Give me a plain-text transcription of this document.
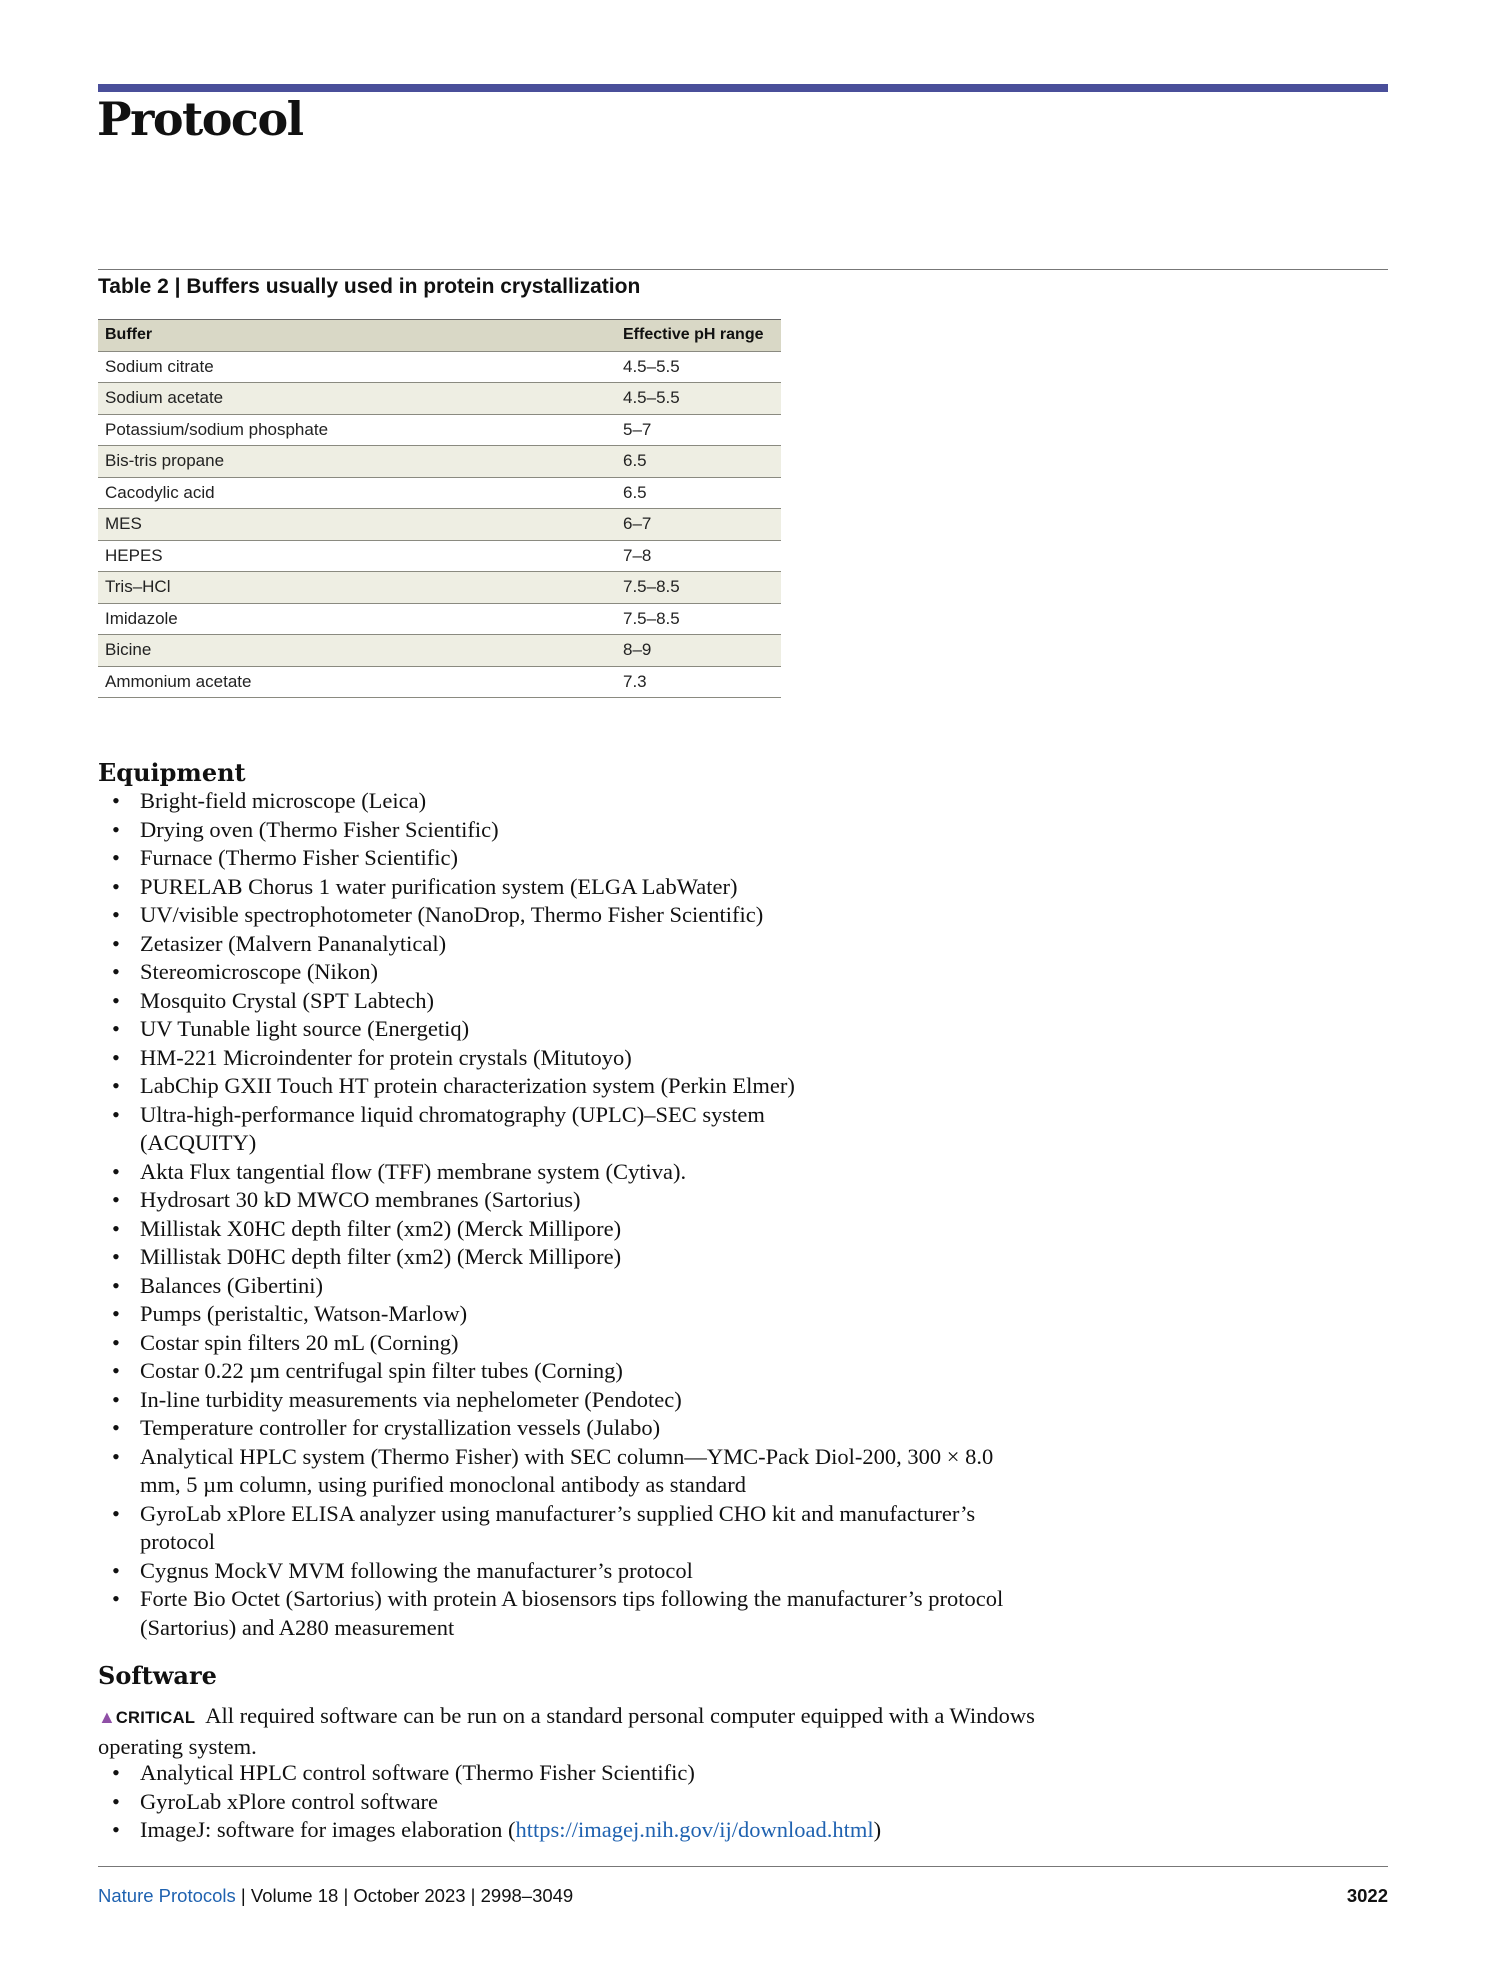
Protocol
Table 2 | Buffers usually used in protein crystallization
Buffer	Effective pH range
Sodium citrate	4.5–5.5
Sodium acetate	4.5–5.5
Potassium/sodium phosphate	5–7
Bis-tris propane	6.5
Cacodylic acid	6.5
MES	6–7
HEPES	7–8
Tris–HCl	7.5–8.5
Imidazole	7.5–8.5
Bicine	8–9
Ammonium acetate	7.3
Equipment
• Bright-field microscope (Leica)
• Drying oven (Thermo Fisher Scientific)
• Furnace (Thermo Fisher Scientific)
• PURELAB Chorus 1 water purification system (ELGA LabWater)
• UV/visible spectrophotometer (NanoDrop, Thermo Fisher Scientific)
• Zetasizer (Malvern Pananalytical)
• Stereomicroscope (Nikon)
• Mosquito Crystal (SPT Labtech)
• UV Tunable light source (Energetiq)
• HM-221 Microindenter for protein crystals (Mitutoyo)
• LabChip GXII Touch HT protein characterization system (Perkin Elmer)
• Ultra-high-performance liquid chromatography (UPLC)–SEC system (ACQUITY)
• Akta Flux tangential flow (TFF) membrane system (Cytiva).
• Hydrosart 30 kD MWCO membranes (Sartorius)
• Millistak X0HC depth filter (xm2) (Merck Millipore)
• Millistak D0HC depth filter (xm2) (Merck Millipore)
• Balances (Gibertini)
• Pumps (peristaltic, Watson-Marlow)
• Costar spin filters 20 mL (Corning)
• Costar 0.22 µm centrifugal spin filter tubes (Corning)
• In-line turbidity measurements via nephelometer (Pendotec)
• Temperature controller for crystallization vessels (Julabo)
• Analytical HPLC system (Thermo Fisher) with SEC column—YMC-Pack Diol-200, 300 × 8.0 mm, 5 µm column, using purified monoclonal antibody as standard
• GyroLab xPlore ELISA analyzer using manufacturer’s supplied CHO kit and manufacturer’s protocol
• Cygnus MockV MVM following the manufacturer’s protocol
• Forte Bio Octet (Sartorius) with protein A biosensors tips following the manufacturer’s protocol (Sartorius) and A280 measurement
Software
▲CRITICAL All required software can be run on a standard personal computer equipped with a Windows operating system.
• Analytical HPLC control software (Thermo Fisher Scientific)
• GyroLab xPlore control software
• ImageJ: software for images elaboration (https://imagej.nih.gov/ij/download.html)
Nature Protocols | Volume 18 | October 2023 | 2998–3049	3022
